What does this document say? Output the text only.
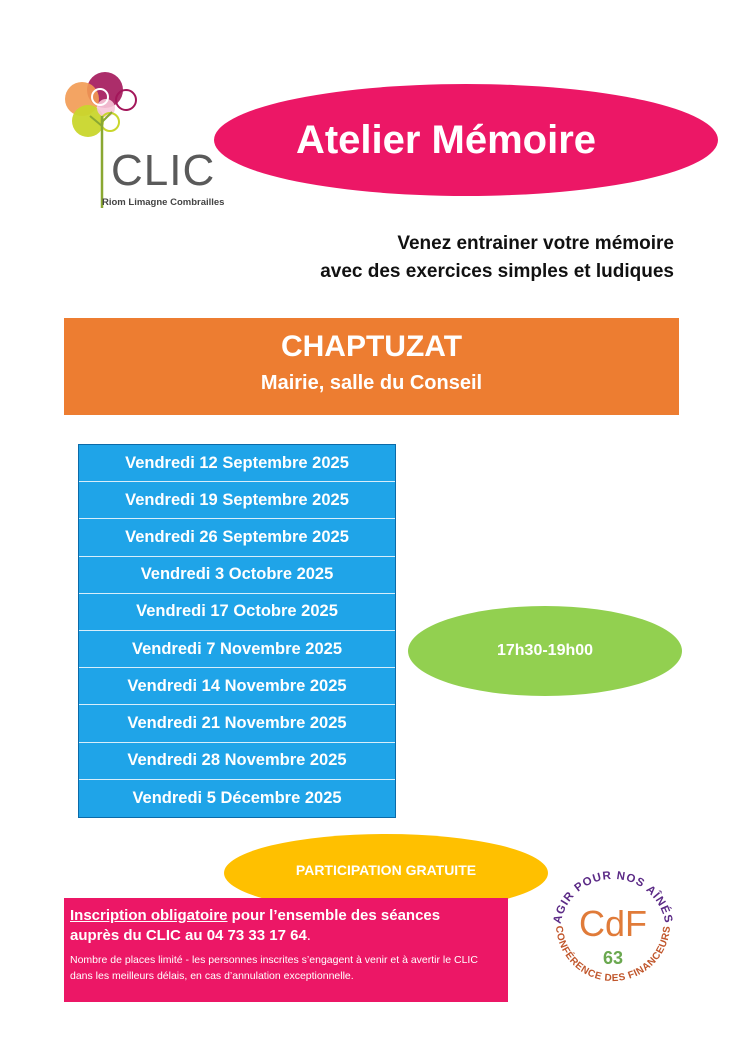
CLIC
Riom Limagne Combrailles
Atelier Mémoire
Venez entrainer votre mémoire
avec des exercices simples et ludiques
CHAPTUZAT
Mairie, salle du Conseil
Vendredi 12 Septembre 2025
Vendredi 19 Septembre 2025
Vendredi 26 Septembre 2025
Vendredi 3 Octobre 2025
Vendredi 17 Octobre 2025
Vendredi 7 Novembre 2025
Vendredi 14 Novembre 2025
Vendredi 21 Novembre 2025
Vendredi 28 Novembre 2025
Vendredi 5 Décembre 2025
17h30-19h00
PARTICIPATION GRATUITE
Inscription obligatoire pour l’ensemble des séances
auprès du CLIC au 04 73 33 17 64.
Nombre de places limité - les personnes inscrites s’engagent à venir et à avertir le CLIC dans les meilleurs délais, en cas d’annulation exceptionnelle.
AGIR POUR NOS AÎNÉS
CONFÉRENCE DES FINANCEURS
CdF
63
